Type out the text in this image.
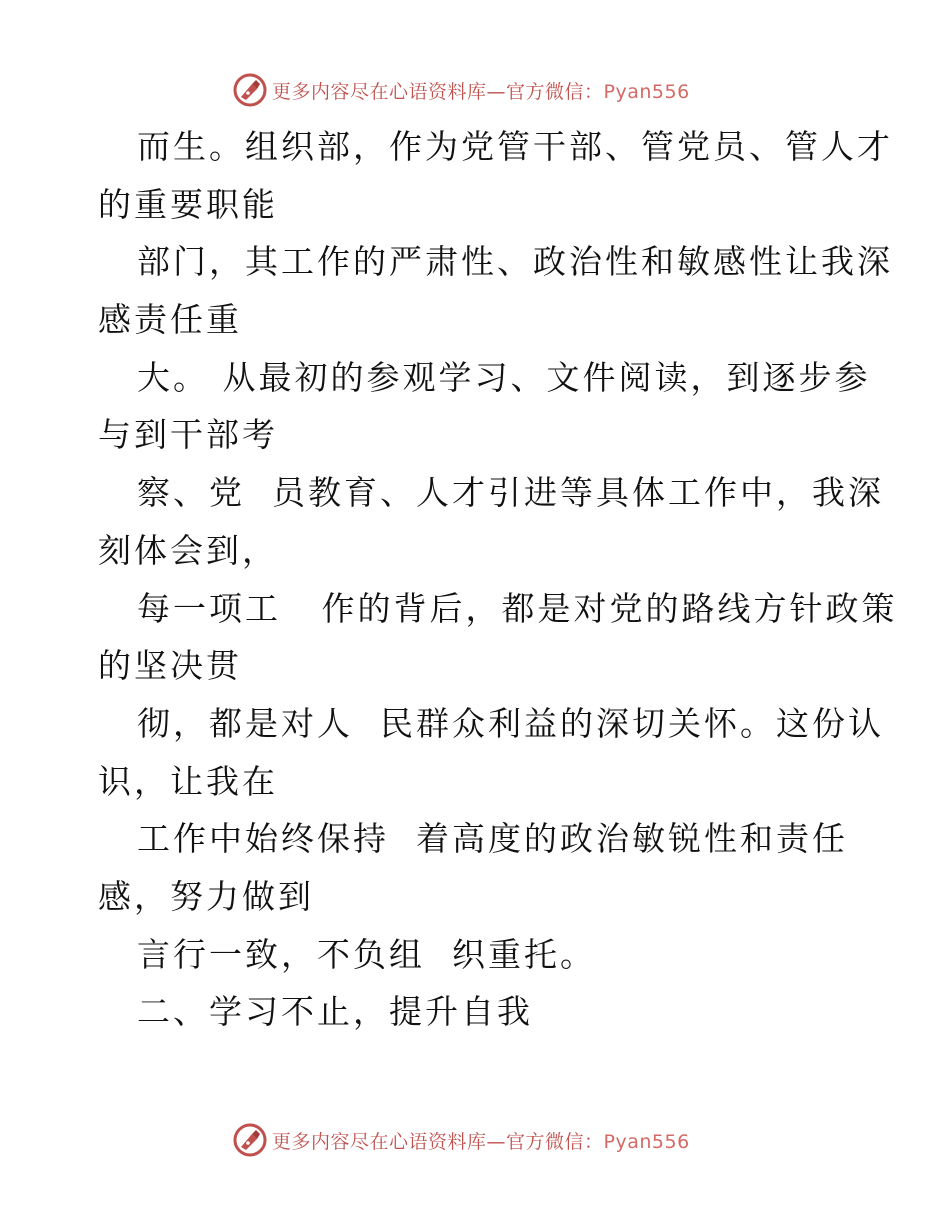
更多内容尽在心语资料库—官方微信：Pyan556
而生。组织部，作为党管干部、管党员、管人才
的重要职能
部门，其工作的严肃性、政治性和敏感性让我深
感责任重
大。 从最初的参观学习、文件阅读，到逐步参
与到干部考
察、党  员教育、人才引进等具体工作中，我深
刻体会到，
每一项工   作的背后，都是对党的路线方针政策
的坚决贯
彻，都是对人  民群众利益的深切关怀。这份认
识，让我在
工作中始终保持  着高度的政治敏锐性和责任
感，努力做到
言行一致，不负组  织重托。
二、学习不止，提升自我
更多内容尽在心语资料库—官方微信：Pyan556
